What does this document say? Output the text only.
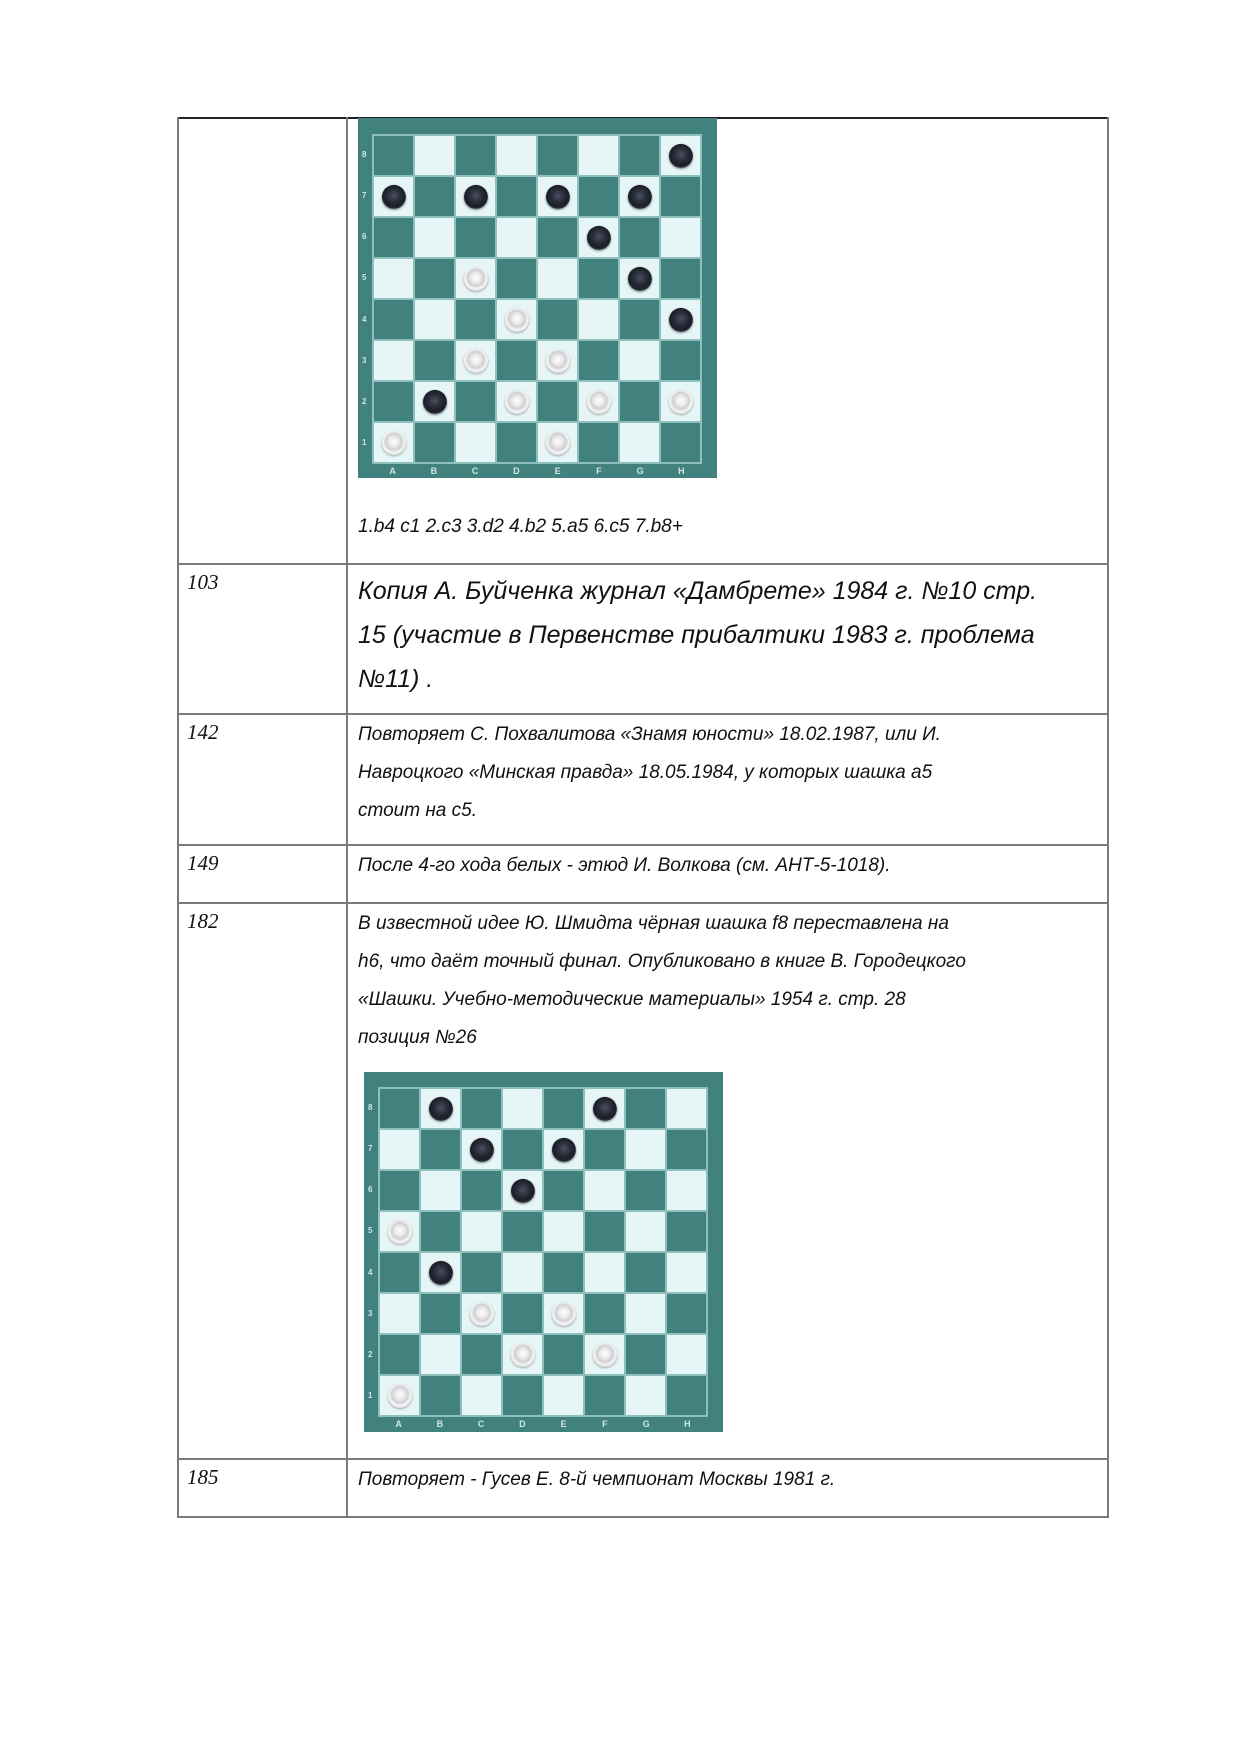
8
7
6
5
4
3
2
1
A	B	C	D	E	F	G	H
1.b4 c1 2.c3 3.d2 4.b2 5.a5 6.c5 7.b8+
103	Копия А. Буйченка журнал «Дамбрете» 1984 г. №10 стр.
15 (участие в Первенстве прибалтики 1983 г. проблема
№11) .
142	Повторяет С. Похвалитова «Знамя юности» 18.02.1987, или И.
Навроцкого «Минская правда» 18.05.1984, у которых шашка а5
стоит на с5.
149	После 4-го хода белых - этюд И. Волкова (см. АНТ-5-1018).
182	В известной идее Ю. Шмидта чёрная шашка f8 переставлена на
h6, что даёт точный финал. Опубликовано в книге В. Городецкого
«Шашки. Учебно-методические материалы» 1954 г. стр. 28
позиция №26
8
7
6
5
4
3
2
1
A	B	C	D	E	F	G	H
185	Повторяет - Гусев Е. 8-й чемпионат Москвы 1981 г.
